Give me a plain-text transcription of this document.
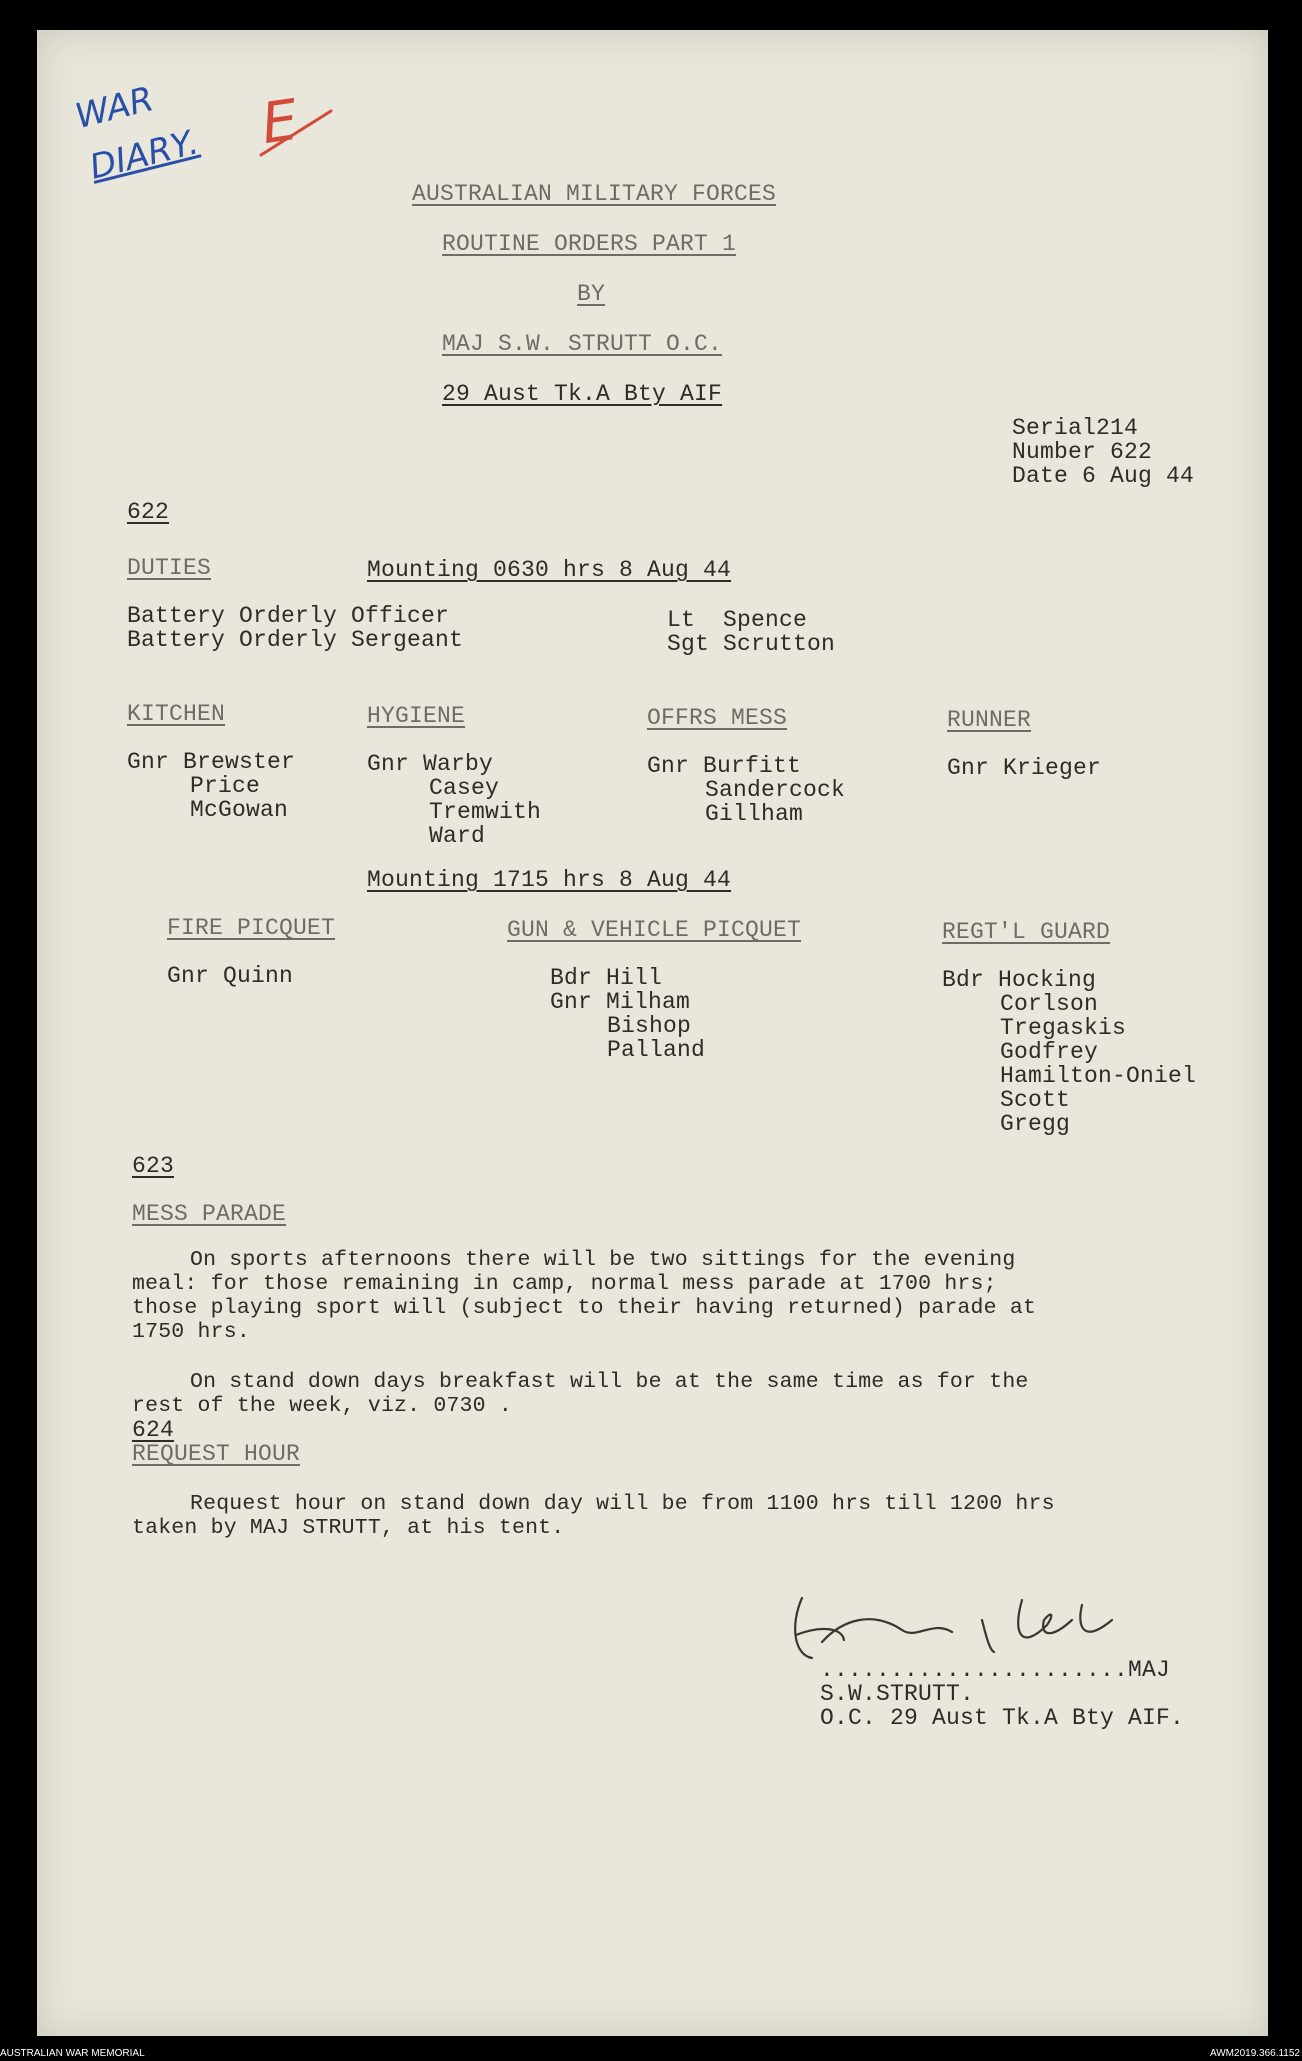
WAR
DIARY. E
AUSTRALIAN MILITARY FORCES
ROUTINE ORDERS PART 1
BY
MAJ S.W. STRUTT O.C.
29 Aust Tk.A Bty AIF
Serial214
Number 622
Date 6 Aug 44
622
DUTIES	Mounting 0630 hrs 8 Aug 44
Battery Orderly Officer	Lt  Spence
Battery Orderly Sergeant	Sgt Scrutton
KITCHEN
Gnr Brewster
Price
McGowan
HYGIENE
Gnr Warby
Casey
Tremwith
Ward
OFFRS MESS
Gnr Burfitt
Sandercock
Gillham
RUNNER
Gnr Krieger
Mounting 1715 hrs 8 Aug 44
FIRE PICQUET
Gnr Quinn
GUN & VEHICLE PICQUET
Bdr Hill
Gnr Milham
Bishop
Palland
REGT'L GUARD
Bdr Hocking
Corlson
Tregaskis
Godfrey
Hamilton-Oniel
Scott
Gregg
623
MESS PARADE
On sports afternoons there will be two sittings for the evening
meal: for those remaining in camp, normal mess parade at 1700 hrs;
those playing sport will (subject to their having returned) parade at
1750 hrs.
On stand down days breakfast will be at the same time as for the
rest of the week, viz. 0730 .
624
REQUEST HOUR
Request hour on stand down day will be from 1100 hrs till 1200 hrs
taken by MAJ STRUTT, at his tent.
......................MAJ
S.W.STRUTT.
O.C. 29 Aust Tk.A Bty AIF.
AUSTRALIAN WAR MEMORIAL	AWM2019.366.1152
